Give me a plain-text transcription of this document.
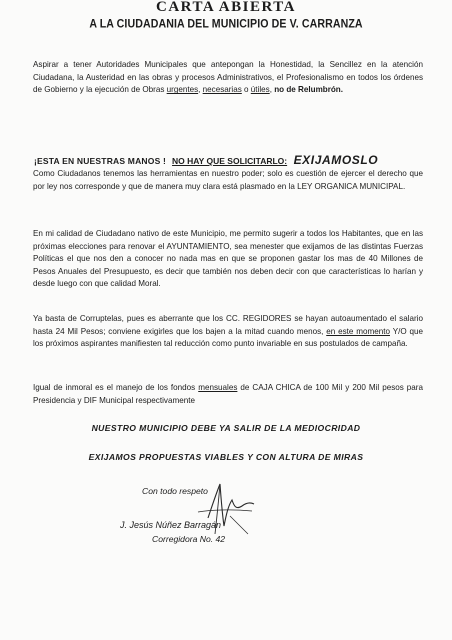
CARTA ABIERTA
A LA CIUDADANIA DEL MUNICIPIO DE V. CARRANZA
Aspirar a tener Autoridades Municipales que antepongan la Honestidad, la Sencillez en la atención Ciudadana, la Austeridad en las obras y procesos Administrativos, el Profesionalismo en todos los órdenes de Gobierno y la ejecución de Obras urgentes, necesarias o útiles, no de Relumbrón.
¡ESTA EN NUESTRAS MANOS ! NO HAY QUE SOLICITARLO: EXIJAMOSLO
Como Ciudadanos tenemos las herramientas en nuestro poder; solo es cuestión de ejercer el derecho que por ley nos corresponde y que de manera muy clara está plasmado en la LEY ORGANICA MUNICIPAL.
En mi calidad de Ciudadano nativo de este Municipio, me permito sugerir a todos los Habitantes, que en las próximas elecciones para renovar el AYUNTAMIENTO, sea menester que exijamos de las distintas Fuerzas Políticas el que nos den a conocer no nada mas en que se proponen gastar los mas de 40 Millones de Pesos Anuales del Presupuesto, es decir que también nos deben decir con que características lo harían y desde luego con que calidad Moral.
Ya basta de Corruptelas, pues es aberrante que los CC. REGIDORES se hayan autoaumentado el salario hasta 24 Mil Pesos; conviene exigirles que los bajen a la mitad cuando menos, en este momento Y/O que los próximos aspirantes manifiesten tal reducción como punto invariable en sus postulados de campaña.
Igual de inmoral es el manejo de los fondos mensuales de CAJA CHICA de 100 Mil y 200 Mil pesos para Presidencia y DIF Municipal respectivamente
NUESTRO MUNICIPIO DEBE YA SALIR DE LA MEDIOCRIDAD
EXIJAMOS PROPUESTAS VIABLES Y CON ALTURA DE MIRAS
Con todo respeto
J. Jesús Núñez Barragán
Corregidora No. 42
